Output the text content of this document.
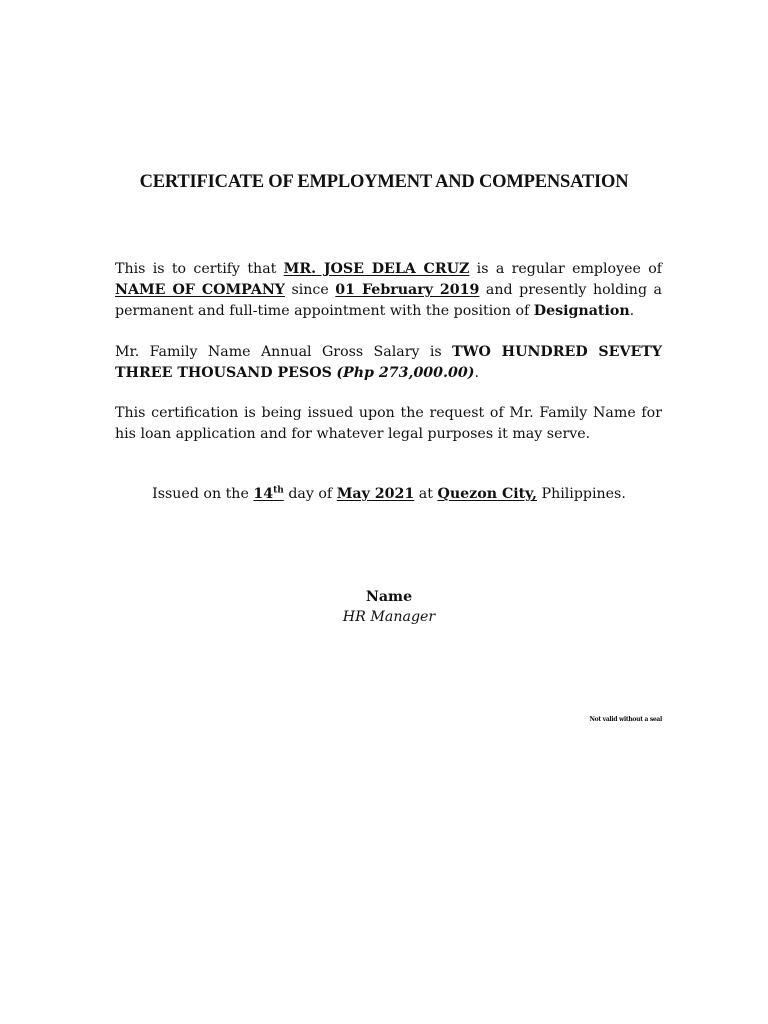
CERTIFICATE OF EMPLOYMENT AND COMPENSATION
This is to certify that MR. JOSE DELA CRUZ is a regular employee of NAME OF COMPANY since 01 February 2019 and presently holding a permanent and full-time appointment with the position of Designation.
Mr. Family Name Annual Gross Salary is TWO HUNDRED SEVETY THREE THOUSAND PESOS (Php 273,000.00).
This certification is being issued upon the request of Mr. Family Name for his loan application and for whatever legal purposes it may serve.
Issued on the 14th day of May 2021 at Quezon City, Philippines.
Name
HR Manager
Not valid without a seal
